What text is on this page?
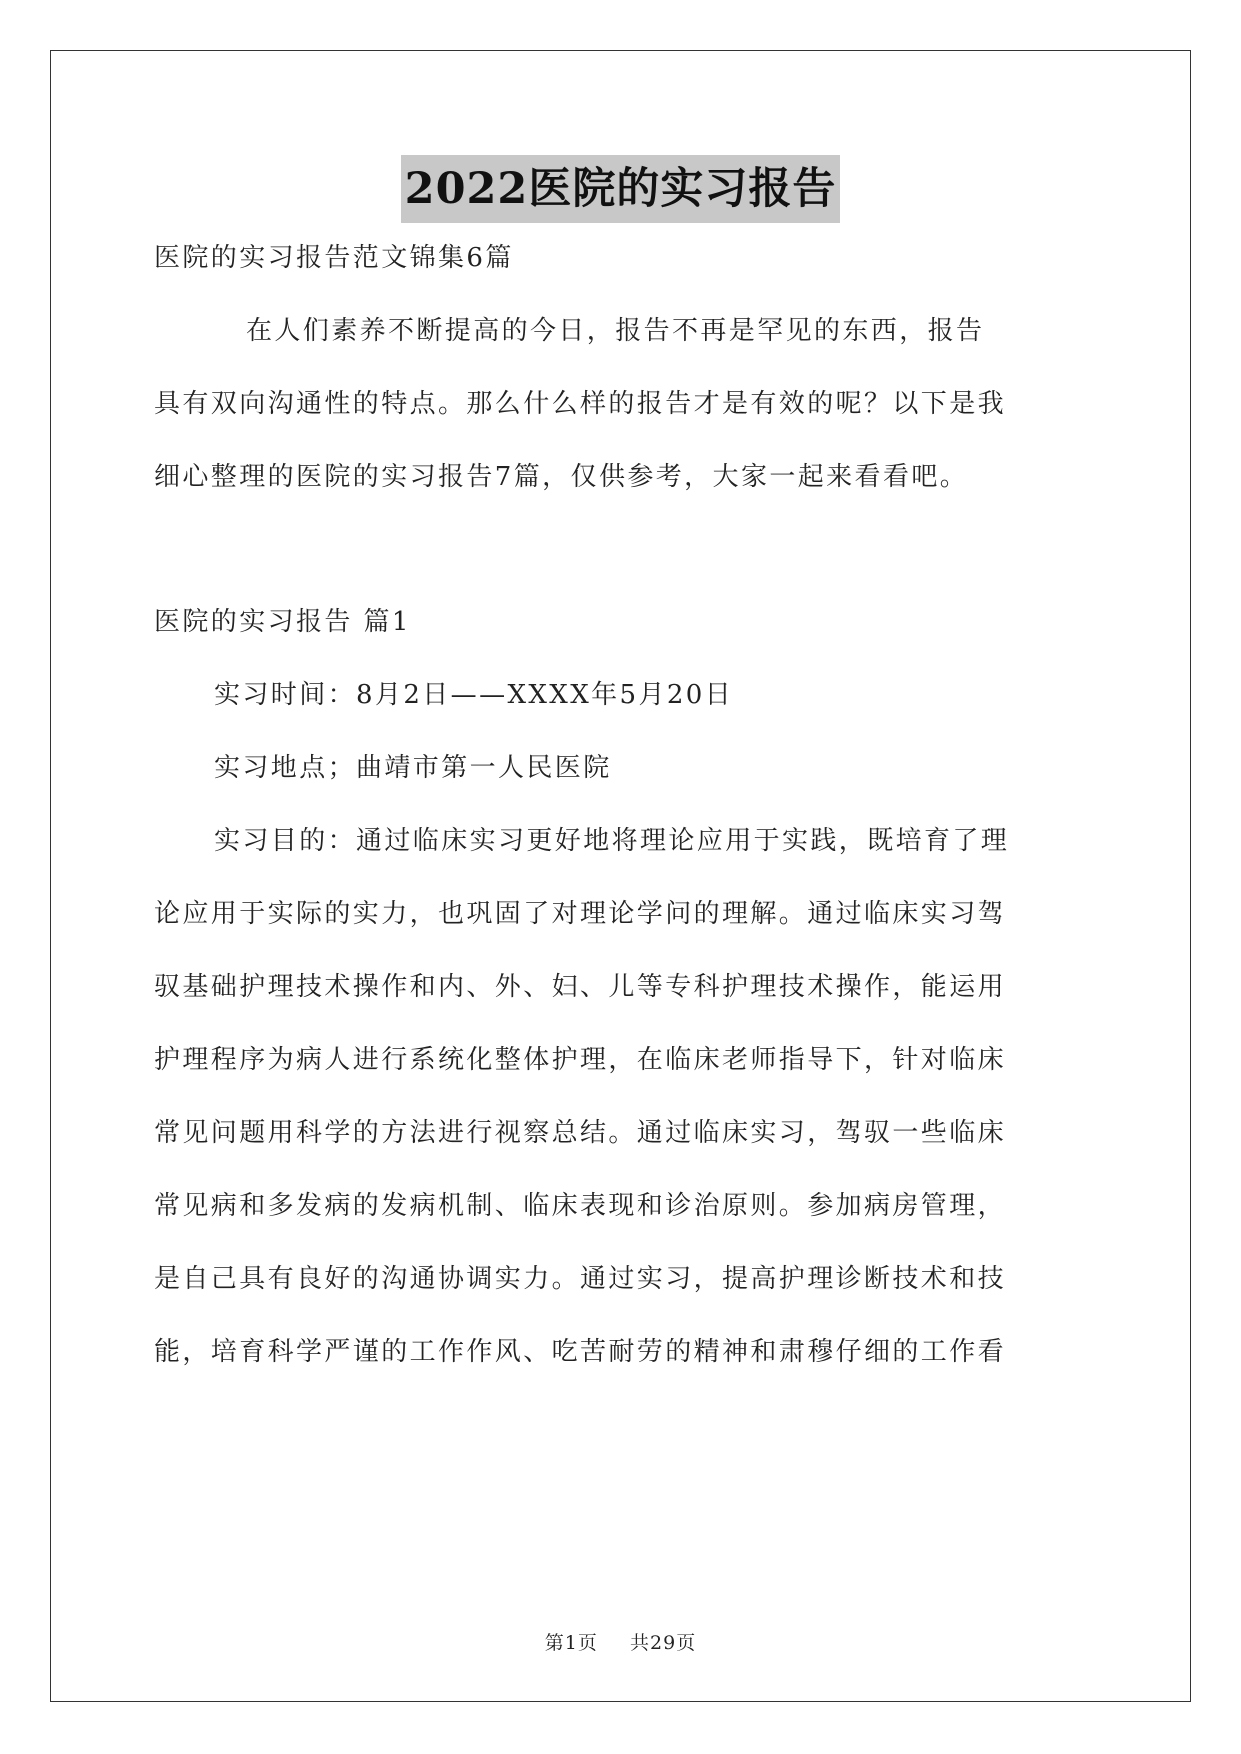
2022医院的实习报告
医院的实习报告范文锦集6篇
在人们素养不断提高的今日，报告不再是罕见的东西，报告
具有双向沟通性的特点。那么什么样的报告才是有效的呢？以下是我
细心整理的医院的实习报告7篇，仅供参考，大家一起来看看吧。
医院的实习报告 篇1
实习时间：8月2日——XXXX年5月20日
实习地点；曲靖市第一人民医院
实习目的：通过临床实习更好地将理论应用于实践，既培育了理
论应用于实际的实力，也巩固了对理论学问的理解。通过临床实习驾
驭基础护理技术操作和内、外、妇、儿等专科护理技术操作，能运用
护理程序为病人进行系统化整体护理，在临床老师指导下，针对临床
常见问题用科学的方法进行视察总结。通过临床实习，驾驭一些临床
常见病和多发病的发病机制、临床表现和诊治原则。参加病房管理，
是自己具有良好的沟通协调实力。通过实习，提高护理诊断技术和技
能，培育科学严谨的工作作风、吃苦耐劳的精神和肃穆仔细的工作看
第1页 共29页
